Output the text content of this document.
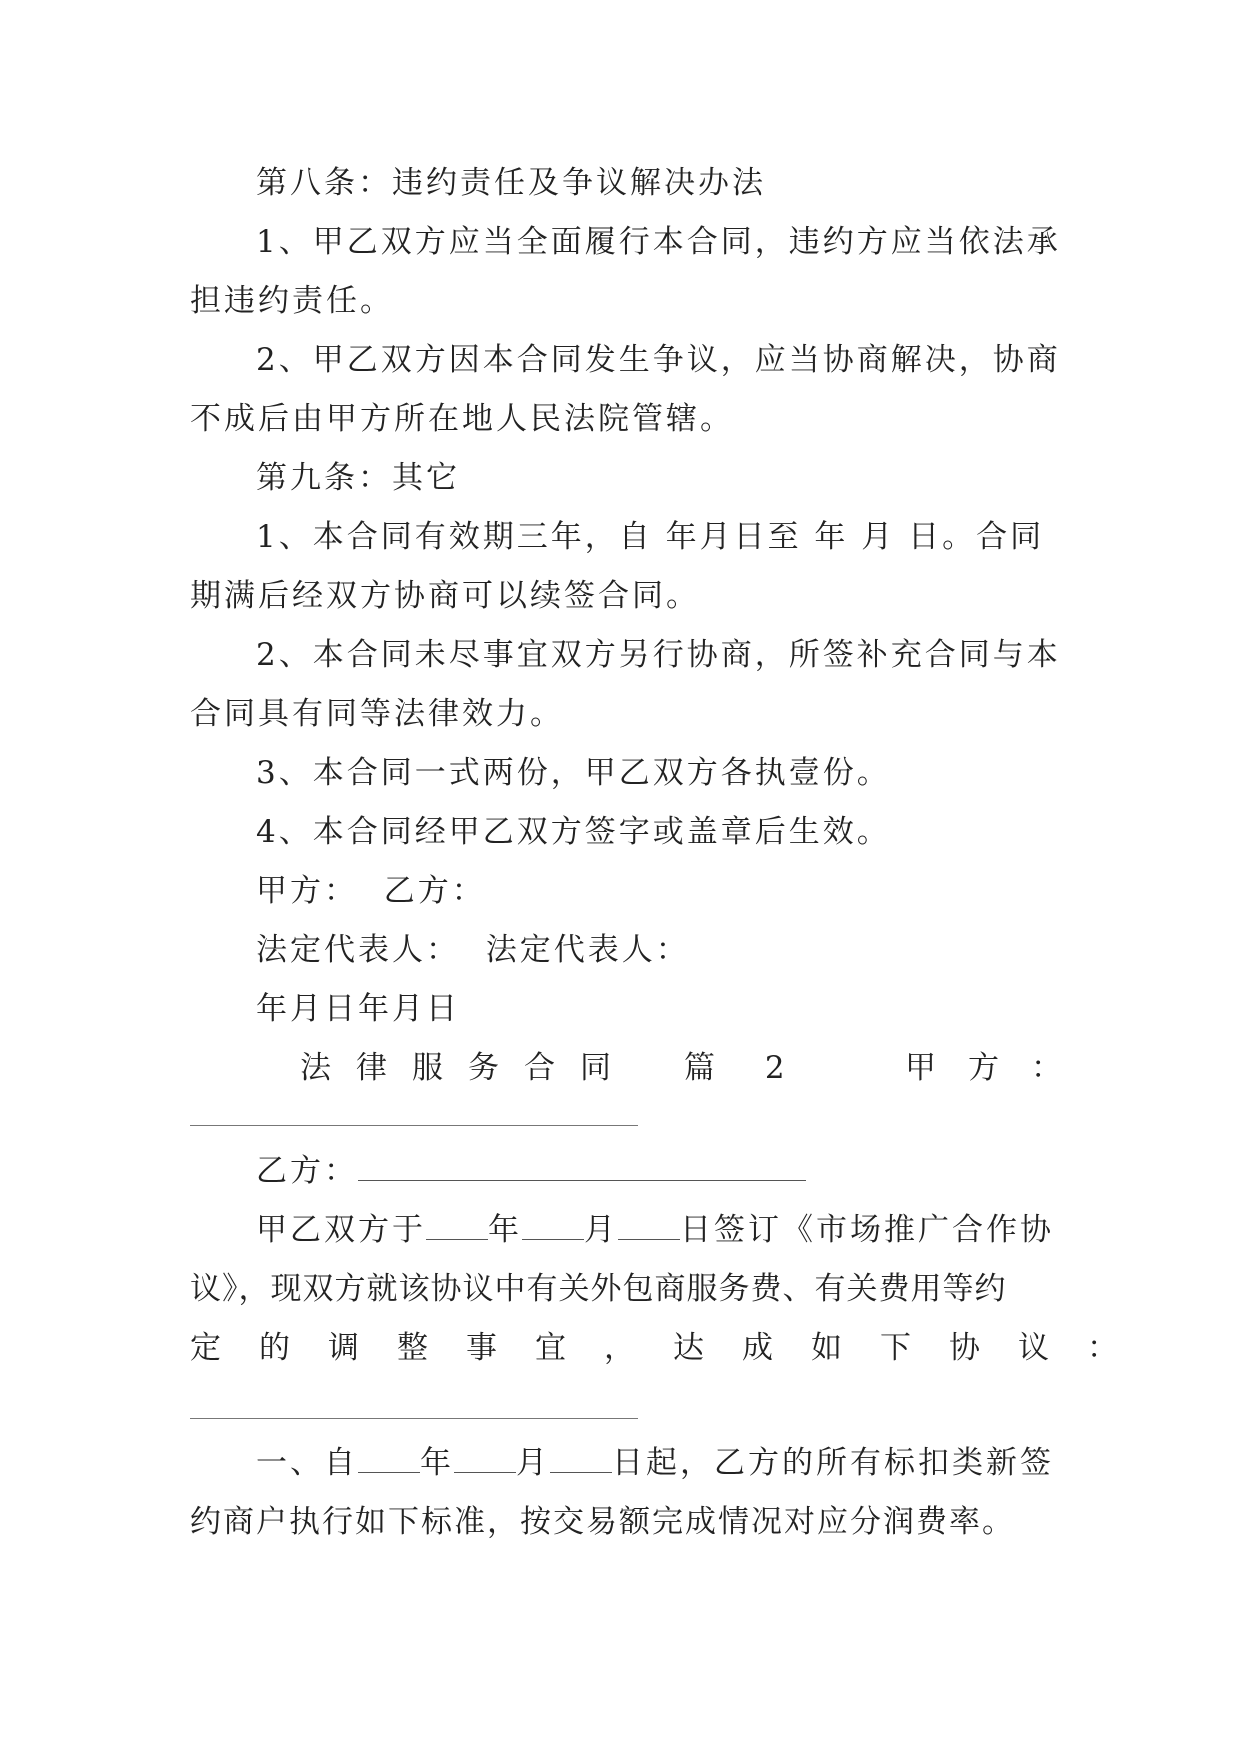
第八条：违约责任及争议解决办法
1、甲乙双方应当全面履行本合同，违约方应当依法承
担违约责任。
2、甲乙双方因本合同发生争议，应当协商解决，协商
不成后由甲方所在地人民法院管辖。
第九条：其它
1、本合同有效期三年，自 年月日至 年 月 日。合同
期满后经双方协商可以续签合同。
2、本合同未尽事宜双方另行协商，所签补充合同与本
合同具有同等法律效力。
3、本合同一式两份，甲乙双方各执壹份。
4、本合同经甲乙双方签字或盖章后生效。
甲方：  乙方：
法定代表人：  法定代表人：
年月日年月日
法律服务合同 篇 2	甲方：
乙方：
甲乙双方于 年 月 日签订《市场推广合作协
议》，现双方就该协议中有关外包商服务费、有关费用等约
定的调整事宜，达成如下协议：
一、自 年 月 日起，乙方的所有标扣类新签
约商户执行如下标准，按交易额完成情况对应分润费率。
